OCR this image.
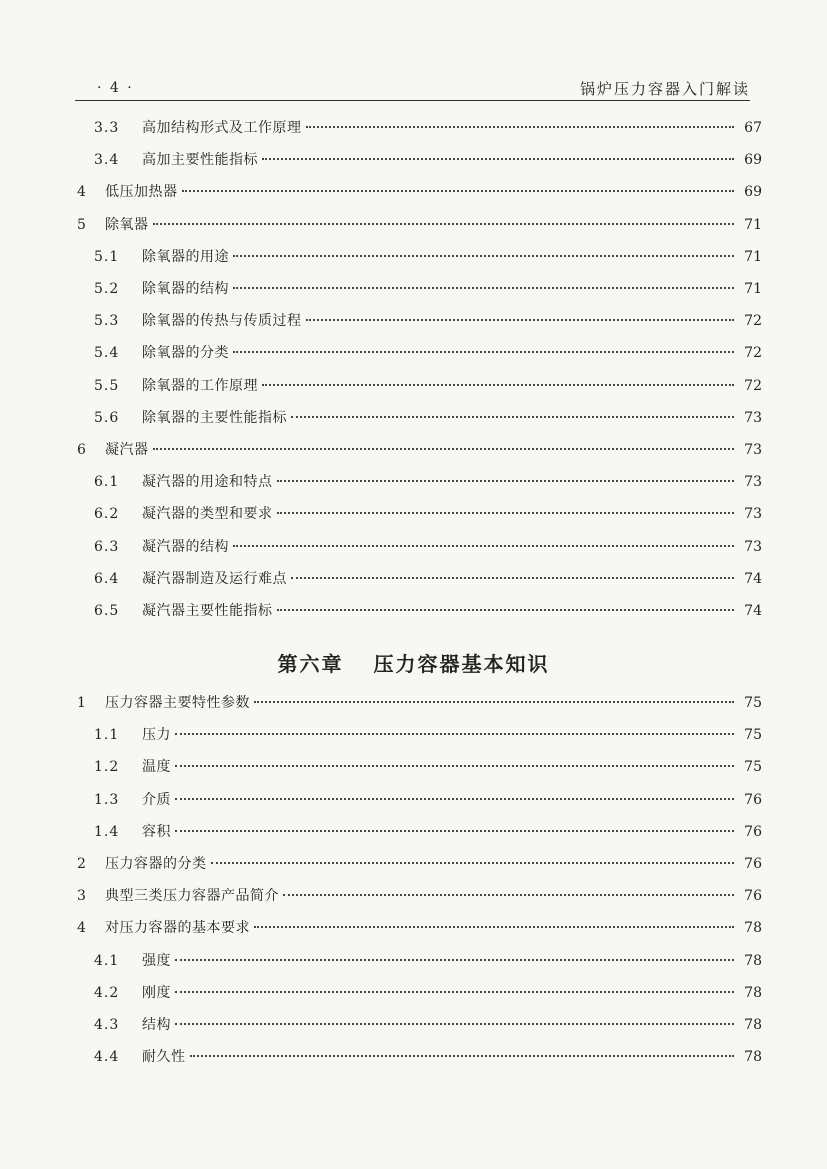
· 4 ·	锅炉压力容器入门解读
3.3	高加结构形式及工作原理	67
3.4	高加主要性能指标	69
4	低压加热器	69
5	除氧器	71
5.1	除氧器的用途	71
5.2	除氧器的结构	71
5.3	除氧器的传热与传质过程	72
5.4	除氧器的分类	72
5.5	除氧器的工作原理	72
5.6	除氧器的主要性能指标	73
6	凝汽器	73
6.1	凝汽器的用途和特点	73
6.2	凝汽器的类型和要求	73
6.3	凝汽器的结构	73
6.4	凝汽器制造及运行难点	74
6.5	凝汽器主要性能指标	74
第六章 压力容器基本知识
1	压力容器主要特性参数	75
1.1	压力	75
1.2	温度	75
1.3	介质	76
1.4	容积	76
2	压力容器的分类	76
3	典型三类压力容器产品简介	76
4	对压力容器的基本要求	78
4.1	强度	78
4.2	刚度	78
4.3	结构	78
4.4	耐久性	78
